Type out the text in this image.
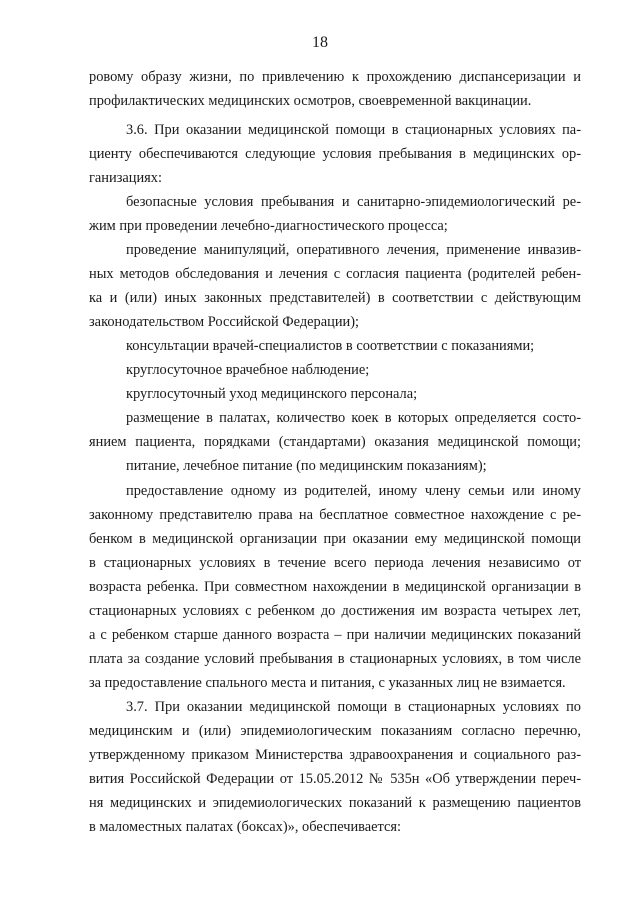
18
ровому образу жизни, по привлечению к прохождению диспансеризации и
профилактических медицинских осмотров, своевременной вакцинации.
3.6. При оказании медицинской помощи в стационарных условиях па-
циенту обеспечиваются следующие условия пребывания в медицинских ор-
ганизациях:
безопасные условия пребывания и санитарно-эпидемиологический ре-
жим при проведении лечебно-диагностического процесса;
проведение манипуляций, оперативного лечения, применение инвазив-
ных методов обследования и лечения с согласия пациента (родителей ребен-
ка и (или) иных законных представителей) в соответствии с действующим
законодательством Российской Федерации);
консультации врачей-специалистов в соответствии с показаниями;
круглосуточное врачебное наблюдение;
круглосуточный уход медицинского персонала;
размещение в палатах, количество коек в которых определяется состо-
янием пациента, порядками (стандартами) оказания медицинской помощи;
питание, лечебное питание (по медицинским показаниям);
предоставление одному из родителей, иному члену семьи или иному
законному представителю права на бесплатное совместное нахождение с ре-
бенком в медицинской организации при оказании ему медицинской помощи
в стационарных условиях в течение всего периода лечения независимо от
возраста ребенка. При совместном нахождении в медицинской организации в
стационарных условиях с ребенком до достижения им возраста четырех лет,
а с ребенком старше данного возраста – при наличии медицинских показаний
плата за создание условий пребывания в стационарных условиях, в том числе
за предоставление спального места и питания, с указанных лиц не взимается.
3.7. При оказании медицинской помощи в стационарных условиях по
медицинским и (или) эпидемиологическим показаниям согласно перечню,
утвержденному приказом Министерства здравоохранения и социального раз-
вития Российской Федерации от 15.05.2012 № 535н «Об утверждении переч-
ня медицинских и эпидемиологических показаний к размещению пациентов
в маломестных палатах (боксах)», обеспечивается:
